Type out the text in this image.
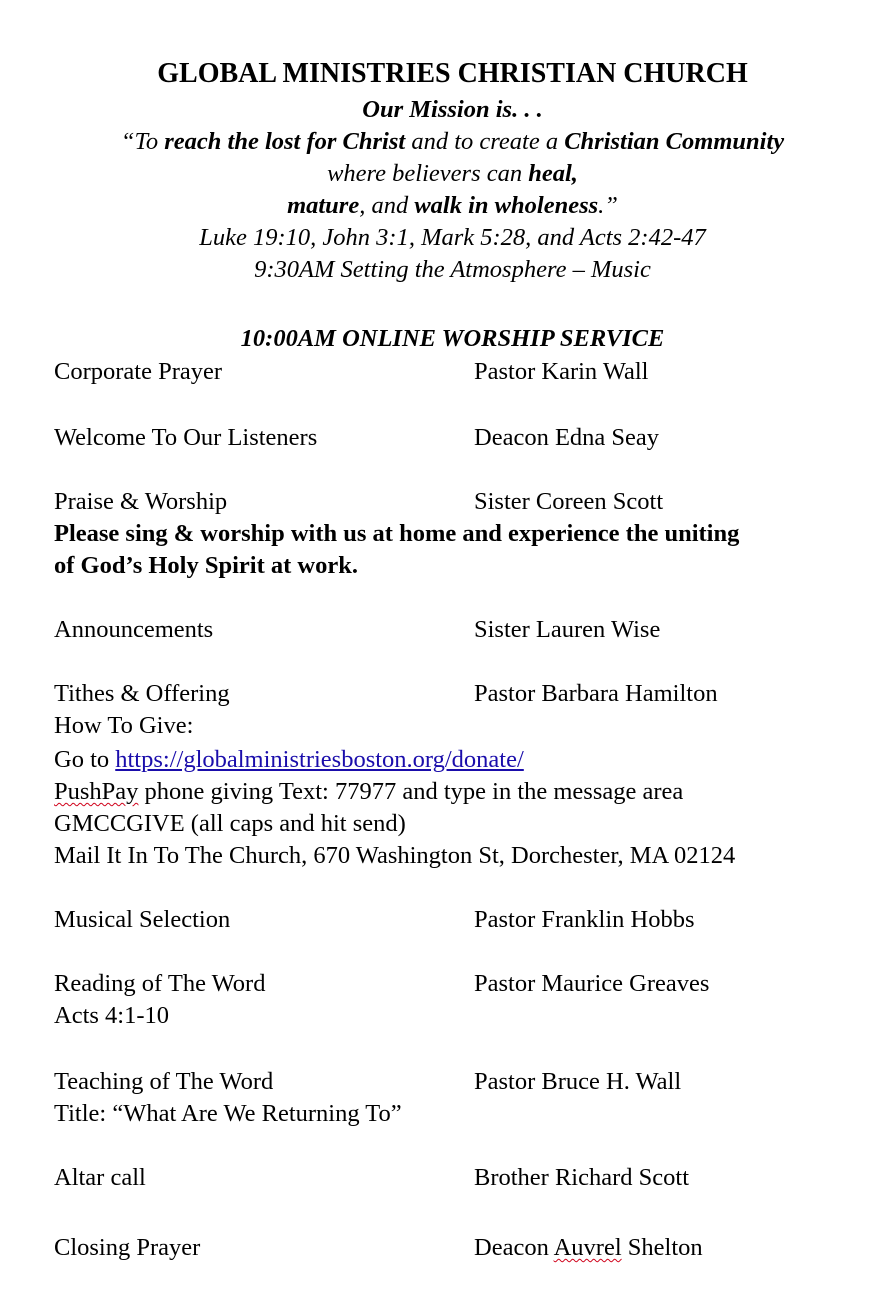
GLOBAL MINISTRIES CHRISTIAN CHURCH
Our Mission is. . .
“To reach the lost for Christ and to create a Christian Community
where believers can heal,
mature, and walk in wholeness.”
Luke 19:10, John 3:1, Mark 5:28, and Acts 2:42-47
9:30AM Setting the Atmosphere – Music
10:00AM ONLINE WORSHIP SERVICE
Corporate Prayer	Pastor Karin Wall
Welcome To Our Listeners	Deacon Edna Seay
Praise & Worship	Sister Coreen Scott
Please sing & worship with us at home and experience the uniting
of God’s Holy Spirit at work.
Announcements	Sister Lauren Wise
Tithes & Offering	Pastor Barbara Hamilton
How To Give:
Go to https://globalministriesboston.org/donate/
PushPay phone giving Text: 77977 and type in the message area
GMCCGIVE (all caps and hit send)
Mail It In To The Church, 670 Washington St, Dorchester, MA 02124
Musical Selection	Pastor Franklin Hobbs
Reading of The Word	Pastor Maurice Greaves
Acts 4:1-10
Teaching of The Word	Pastor Bruce H. Wall
Title: “What Are We Returning To”
Altar call	Brother Richard Scott
Closing Prayer	Deacon Auvrel Shelton
